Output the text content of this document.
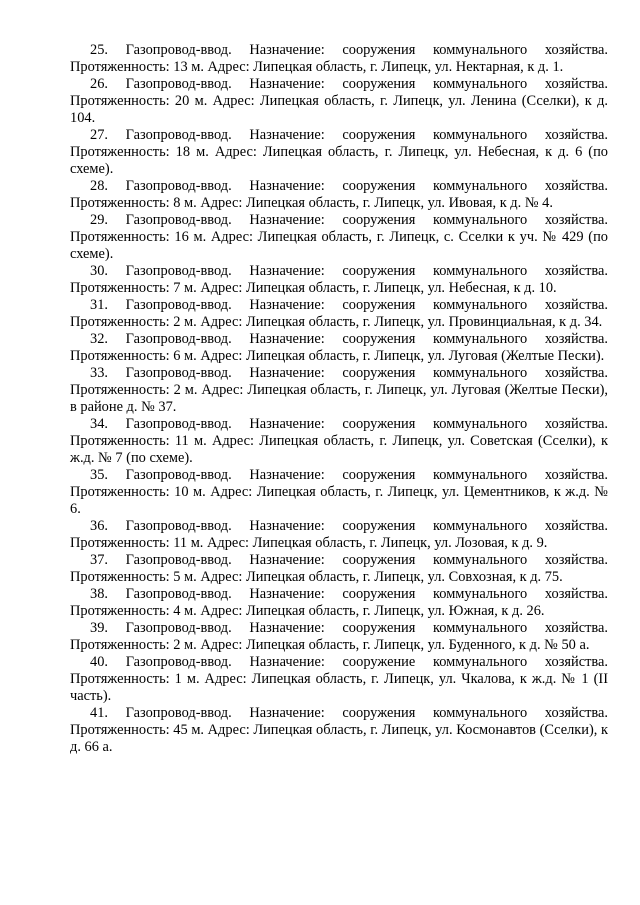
25. Газопровод-ввод. Назначение: сооружения коммунального хозяйства. Протяженность: 13 м. Адрес: Липецкая область, г. Липецк, ул. Нектарная, к д. 1.

26. Газопровод-ввод. Назначение: сооружения коммунального хозяйства. Протяженность: 20 м. Адрес: Липецкая область, г. Липецк, ул. Ленина (Сселки), к д. 104.

27. Газопровод-ввод. Назначение: сооружения коммунального хозяйства. Протяженность: 18 м. Адрес: Липецкая область, г. Липецк, ул. Небесная, к д. 6 (по схеме).

28. Газопровод-ввод. Назначение: сооружения коммунального хозяйства. Протяженность: 8 м. Адрес: Липецкая область, г. Липецк, ул. Ивовая, к д. № 4.

29. Газопровод-ввод. Назначение: сооружения коммунального хозяйства. Протяженность: 16 м. Адрес: Липецкая область, г. Липецк, с. Сселки к уч. № 429 (по схеме).

30. Газопровод-ввод. Назначение: сооружения коммунального хозяйства. Протяженность: 7 м. Адрес: Липецкая область, г. Липецк, ул. Небесная, к д. 10.

31. Газопровод-ввод. Назначение: сооружения коммунального хозяйства. Протяженность: 2 м. Адрес: Липецкая область, г. Липецк, ул. Провинциальная, к д. 34.

32. Газопровод-ввод. Назначение: сооружения коммунального хозяйства. Протяженность: 6 м. Адрес: Липецкая область, г. Липецк, ул. Луговая (Желтые Пески).

33. Газопровод-ввод. Назначение: сооружения коммунального хозяйства. Протяженность: 2 м. Адрес: Липецкая область, г. Липецк, ул. Луговая (Желтые Пески), в районе д. № 37.

34. Газопровод-ввод. Назначение: сооружения коммунального хозяйства. Протяженность: 11 м. Адрес: Липецкая область, г. Липецк, ул. Советская (Сселки), к ж.д. № 7 (по схеме).

35. Газопровод-ввод. Назначение: сооружения коммунального хозяйства. Протяженность: 10 м. Адрес: Липецкая область, г. Липецк, ул. Цементников, к ж.д. № 6.

36. Газопровод-ввод. Назначение: сооружения коммунального хозяйства. Протяженность: 11 м. Адрес: Липецкая область, г. Липецк, ул. Лозовая, к д. 9.

37. Газопровод-ввод. Назначение: сооружения коммунального хозяйства. Протяженность: 5 м. Адрес: Липецкая область, г. Липецк, ул. Совхозная, к д. 75.

38. Газопровод-ввод. Назначение: сооружения коммунального хозяйства. Протяженность: 4 м. Адрес: Липецкая область, г. Липецк, ул. Южная, к д. 26.

39. Газопровод-ввод. Назначение: сооружения коммунального хозяйства. Протяженность: 2 м. Адрес: Липецкая область, г. Липецк, ул. Буденного, к д. № 50 а.

40. Газопровод-ввод. Назначение: сооружение коммунального хозяйства. Протяженность: 1 м. Адрес: Липецкая область, г. Липецк, ул. Чкалова, к ж.д. № 1 (II часть).

41. Газопровод-ввод. Назначение: сооружения коммунального хозяйства. Протяженность: 45 м. Адрес: Липецкая область, г. Липецк, ул. Космонавтов (Сселки), к д. 66 а.
